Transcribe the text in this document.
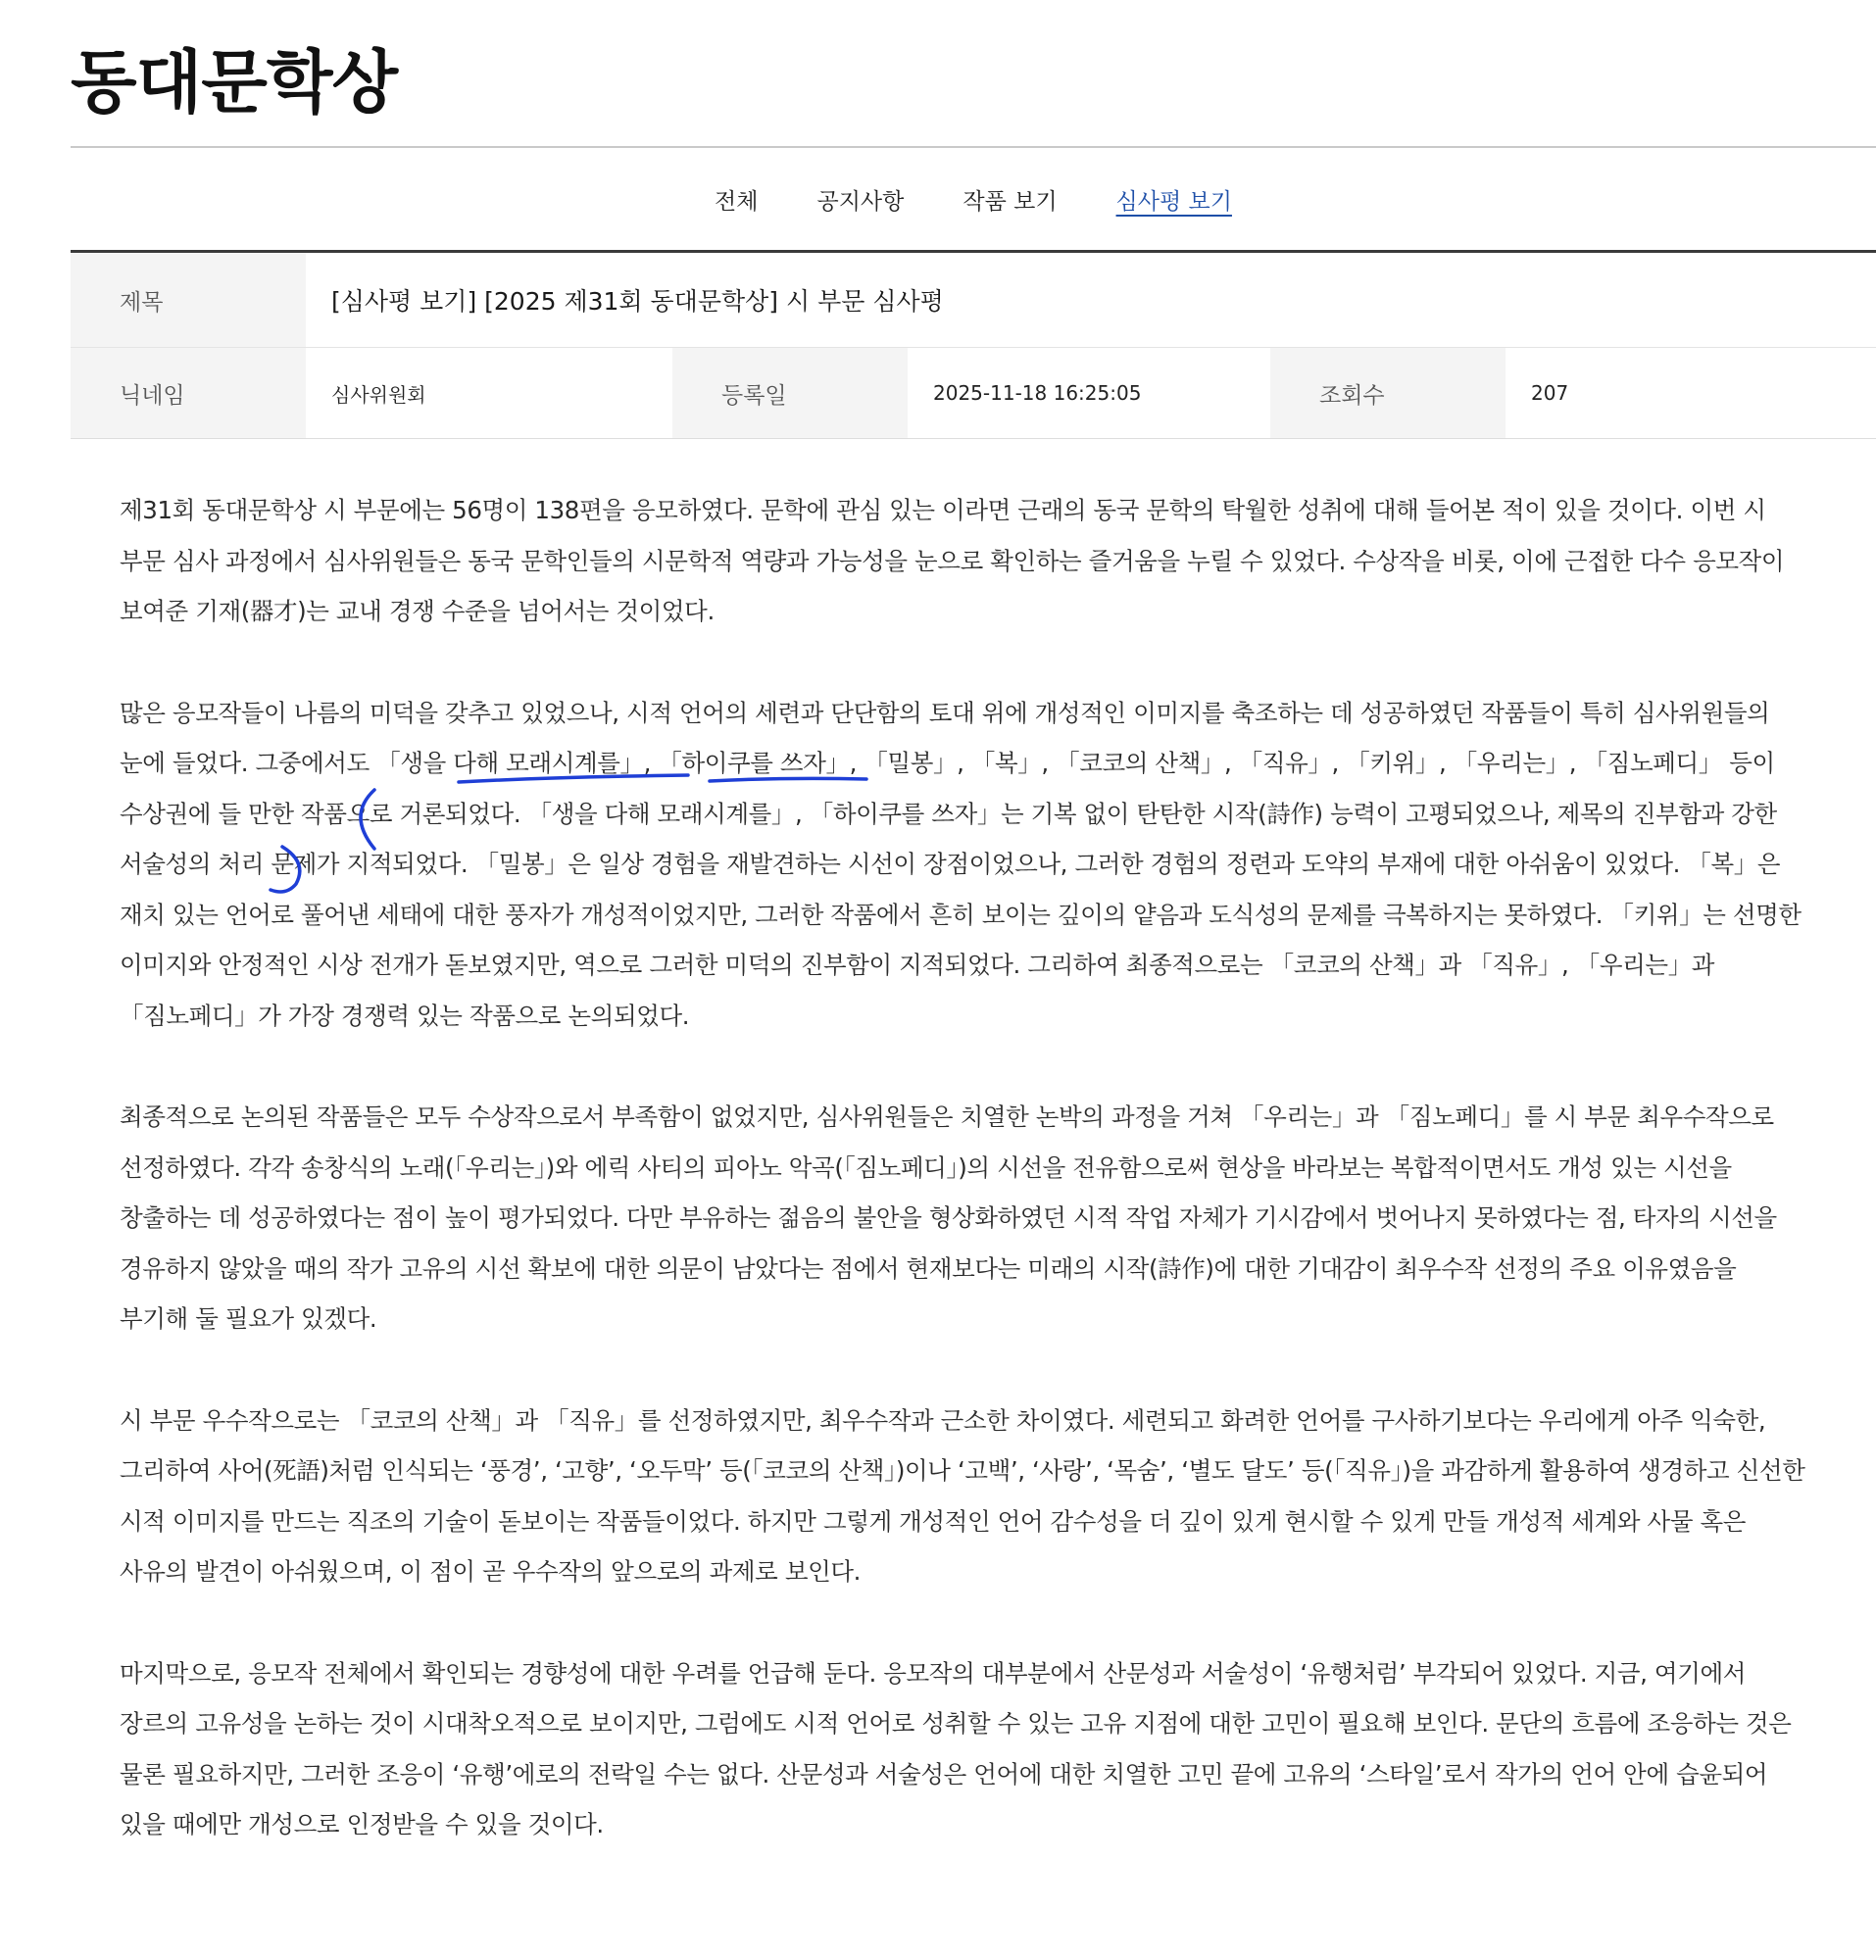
동대문학상
전체	공지사항	작품 보기	심사평 보기
제목	[심사평 보기] [2025 제31회 동대문학상] 시 부문 심사평
닉네임	심사위원회	등록일	2025-11-18 16:25:05	조회수	207

제31회 동대문학상 시 부문에는 56명이 138편을 응모하였다. 문학에 관심 있는 이라면 근래의 동국 문학의 탁월한 성취에 대해 들어본 적이 있을 것이다. 이번 시 부문 심사 과정에서 심사위원들은 동국 문학인들의 시문학적 역량과 가능성을 눈으로 확인하는 즐거움을 누릴 수 있었다. 수상작을 비롯, 이에 근접한 다수 응모작이 보여준 기재(器才)는 교내 경쟁 수준을 넘어서는 것이었다.

많은 응모작들이 나름의 미덕을 갖추고 있었으나, 시적 언어의 세련과 단단함의 토대 위에 개성적인 이미지를 축조하는 데 성공하였던 작품들이 특히 심사위원들의 눈에 들었다. 그중에서도 「생을 다해 모래시계를」, 「하이쿠를 쓰자」, 「밀봉」, 「복」, 「코코의 산책」, 「직유」, 「키위」, 「우리는」, 「짐노페디」 등이 수상권에 들 만한 작품으로 거론되었다. 「생을 다해 모래시계를」, 「하이쿠를 쓰자」는 기복 없이 탄탄한 시작(詩作) 능력이 고평되었으나, 제목의 진부함과 강한 서술성의 처리 문제가 지적되었다. 「밀봉」은 일상 경험을 재발견하는 시선이 장점이었으나, 그러한 경험의 정련과 도약의 부재에 대한 아쉬움이 있었다. 「복」은 재치 있는 언어로 풀어낸 세태에 대한 풍자가 개성적이었지만, 그러한 작품에서 흔히 보이는 깊이의 얕음과 도식성의 문제를 극복하지는 못하였다. 「키위」는 선명한 이미지와 안정적인 시상 전개가 돋보였지만, 역으로 그러한 미덕의 진부함이 지적되었다. 그리하여 최종적으로는 「코코의 산책」과 「직유」, 「우리는」과 「짐노페디」가 가장 경쟁력 있는 작품으로 논의되었다.

최종적으로 논의된 작품들은 모두 수상작으로서 부족함이 없었지만, 심사위원들은 치열한 논박의 과정을 거쳐 「우리는」과 「짐노페디」를 시 부문 최우수작으로 선정하였다. 각각 송창식의 노래(「우리는」)와 에릭 사티의 피아노 악곡(「짐노페디」)의 시선을 전유함으로써 현상을 바라보는 복합적이면서도 개성 있는 시선을 창출하는 데 성공하였다는 점이 높이 평가되었다. 다만 부유하는 젊음의 불안을 형상화하였던 시적 작업 자체가 기시감에서 벗어나지 못하였다는 점, 타자의 시선을 경유하지 않았을 때의 작가 고유의 시선 확보에 대한 의문이 남았다는 점에서 현재보다는 미래의 시작(詩作)에 대한 기대감이 최우수작 선정의 주요 이유였음을 부기해 둘 필요가 있겠다.

시 부문 우수작으로는 「코코의 산책」과 「직유」를 선정하였지만, 최우수작과 근소한 차이였다. 세련되고 화려한 언어를 구사하기보다는 우리에게 아주 익숙한, 그리하여 사어(死語)처럼 인식되는 ‘풍경’, ‘고향’, ‘오두막’ 등(「코코의 산책」)이나 ‘고백’, ‘사랑’, ‘목숨’, ‘별도 달도’ 등(「직유」)을 과감하게 활용하여 생경하고 신선한 시적 이미지를 만드는 직조의 기술이 돋보이는 작품들이었다. 하지만 그렇게 개성적인 언어 감수성을 더 깊이 있게 현시할 수 있게 만들 개성적 세계와 사물 혹은 사유의 발견이 아쉬웠으며, 이 점이 곧 우수작의 앞으로의 과제로 보인다.

마지막으로, 응모작 전체에서 확인되는 경향성에 대한 우려를 언급해 둔다. 응모작의 대부분에서 산문성과 서술성이 ‘유행처럼’ 부각되어 있었다. 지금, 여기에서 장르의 고유성을 논하는 것이 시대착오적으로 보이지만, 그럼에도 시적 언어로 성취할 수 있는 고유 지점에 대한 고민이 필요해 보인다. 문단의 흐름에 조응하는 것은 물론 필요하지만, 그러한 조응이 ‘유행’에로의 전락일 수는 없다. 산문성과 서술성은 언어에 대한 치열한 고민 끝에 고유의 ‘스타일’로서 작가의 언어 안에 습윤되어 있을 때에만 개성으로 인정받을 수 있을 것이다.
